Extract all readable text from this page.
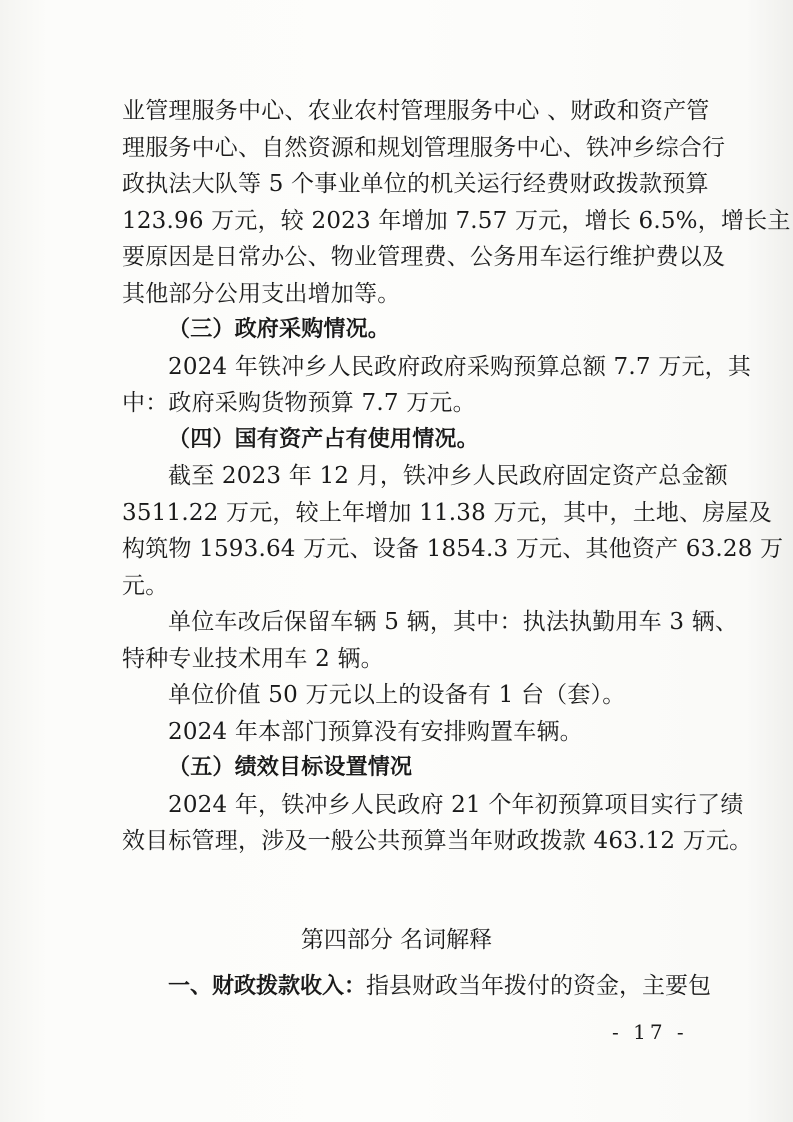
业管理服务中心、农业农村管理服务中心 、财政和资产管
理服务中心、自然资源和规划管理服务中心、铁冲乡综合行
政执法大队等 5 个事业单位的机关运行经费财政拨款预算
123.96 万元，较 2023 年增加 7.57 万元，增长 6.5%，增长主
要原因是日常办公、物业管理费、公务用车运行维护费以及
其他部分公用支出增加等。
（三）政府采购情况。
2024 年铁冲乡人民政府政府采购预算总额 7.7 万元，其
中：政府采购货物预算 7.7 万元。
（四）国有资产占有使用情况。
截至 2023 年 12 月，铁冲乡人民政府固定资产总金额
3511.22 万元，较上年增加 11.38 万元，其中，土地、房屋及
构筑物 1593.64 万元、设备 1854.3 万元、其他资产 63.28 万
元。
单位车改后保留车辆 5 辆，其中：执法执勤用车 3 辆、
特种专业技术用车 2 辆。
单位价值 50 万元以上的设备有 1 台（套）。
2024 年本部门预算没有安排购置车辆。
（五）绩效目标设置情况
2024 年，铁冲乡人民政府 21 个年初预算项目实行了绩
效目标管理，涉及一般公共预算当年财政拨款 463.12 万元。
第四部分 名词解释
一、财政拨款收入：指县财政当年拨付的资金，主要包
- 17 -
